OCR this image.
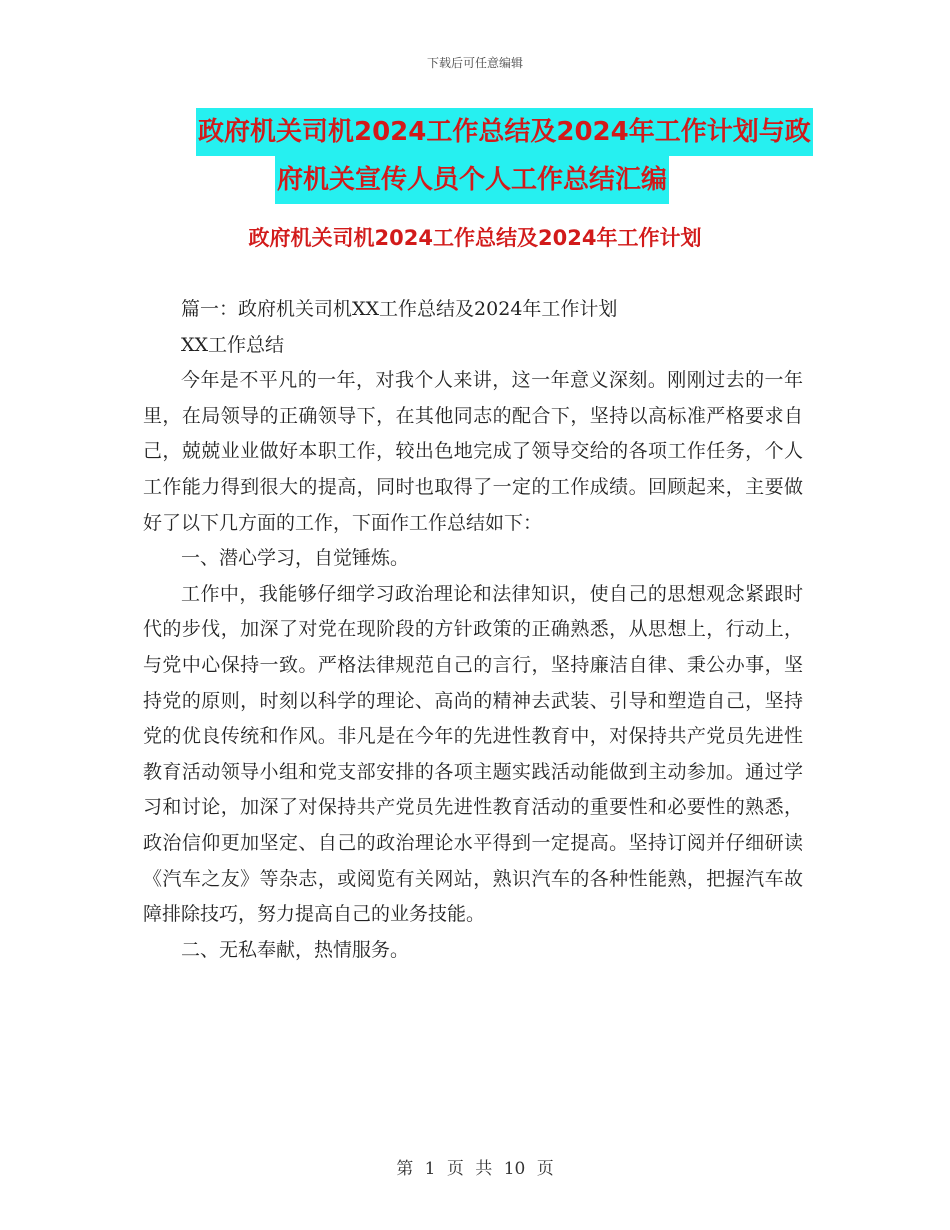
下载后可任意编辑
政府机关司机2024工作总结及2024年工作计划与政
府机关宣传人员个人工作总结汇编
政府机关司机2024工作总结及2024年工作计划

篇一：政府机关司机XX工作总结及2024年工作计划

XX工作总结

今年是不平凡的一年，对我个人来讲，这一年意义深刻。刚刚过去的一年里，在局领导的正确领导下，在其他同志的配合下，坚持以高标准严格要求自己，兢兢业业做好本职工作，较出色地完成了领导交给的各项工作任务，个人工作能力得到很大的提高，同时也取得了一定的工作成绩。回顾起来，主要做好了以下几方面的工作，下面作工作总结如下：

一、潜心学习，自觉锤炼。

工作中，我能够仔细学习政治理论和法律知识，使自己的思想观念紧跟时代的步伐，加深了对党在现阶段的方针政策的正确熟悉，从思想上，行动上，与党中心保持一致。严格法律规范自己的言行，坚持廉洁自律、秉公办事，坚持党的原则，时刻以科学的理论、高尚的精神去武装、引导和塑造自己，坚持党的优良传统和作风。非凡是在今年的先进性教育中，对保持共产党员先进性教育活动领导小组和党支部安排的各项主题实践活动能做到主动参加。通过学习和讨论，加深了对保持共产党员先进性教育活动的重要性和必要性的熟悉，政治信仰更加坚定、自己的政治理论水平得到一定提高。坚持订阅并仔细研读《汽车之友》等杂志，或阅览有关网站，熟识汽车的各种性能熟，把握汽车故障排除技巧，努力提高自己的业务技能。

二、无私奉献，热情服务。

第 1 页 共 10 页
